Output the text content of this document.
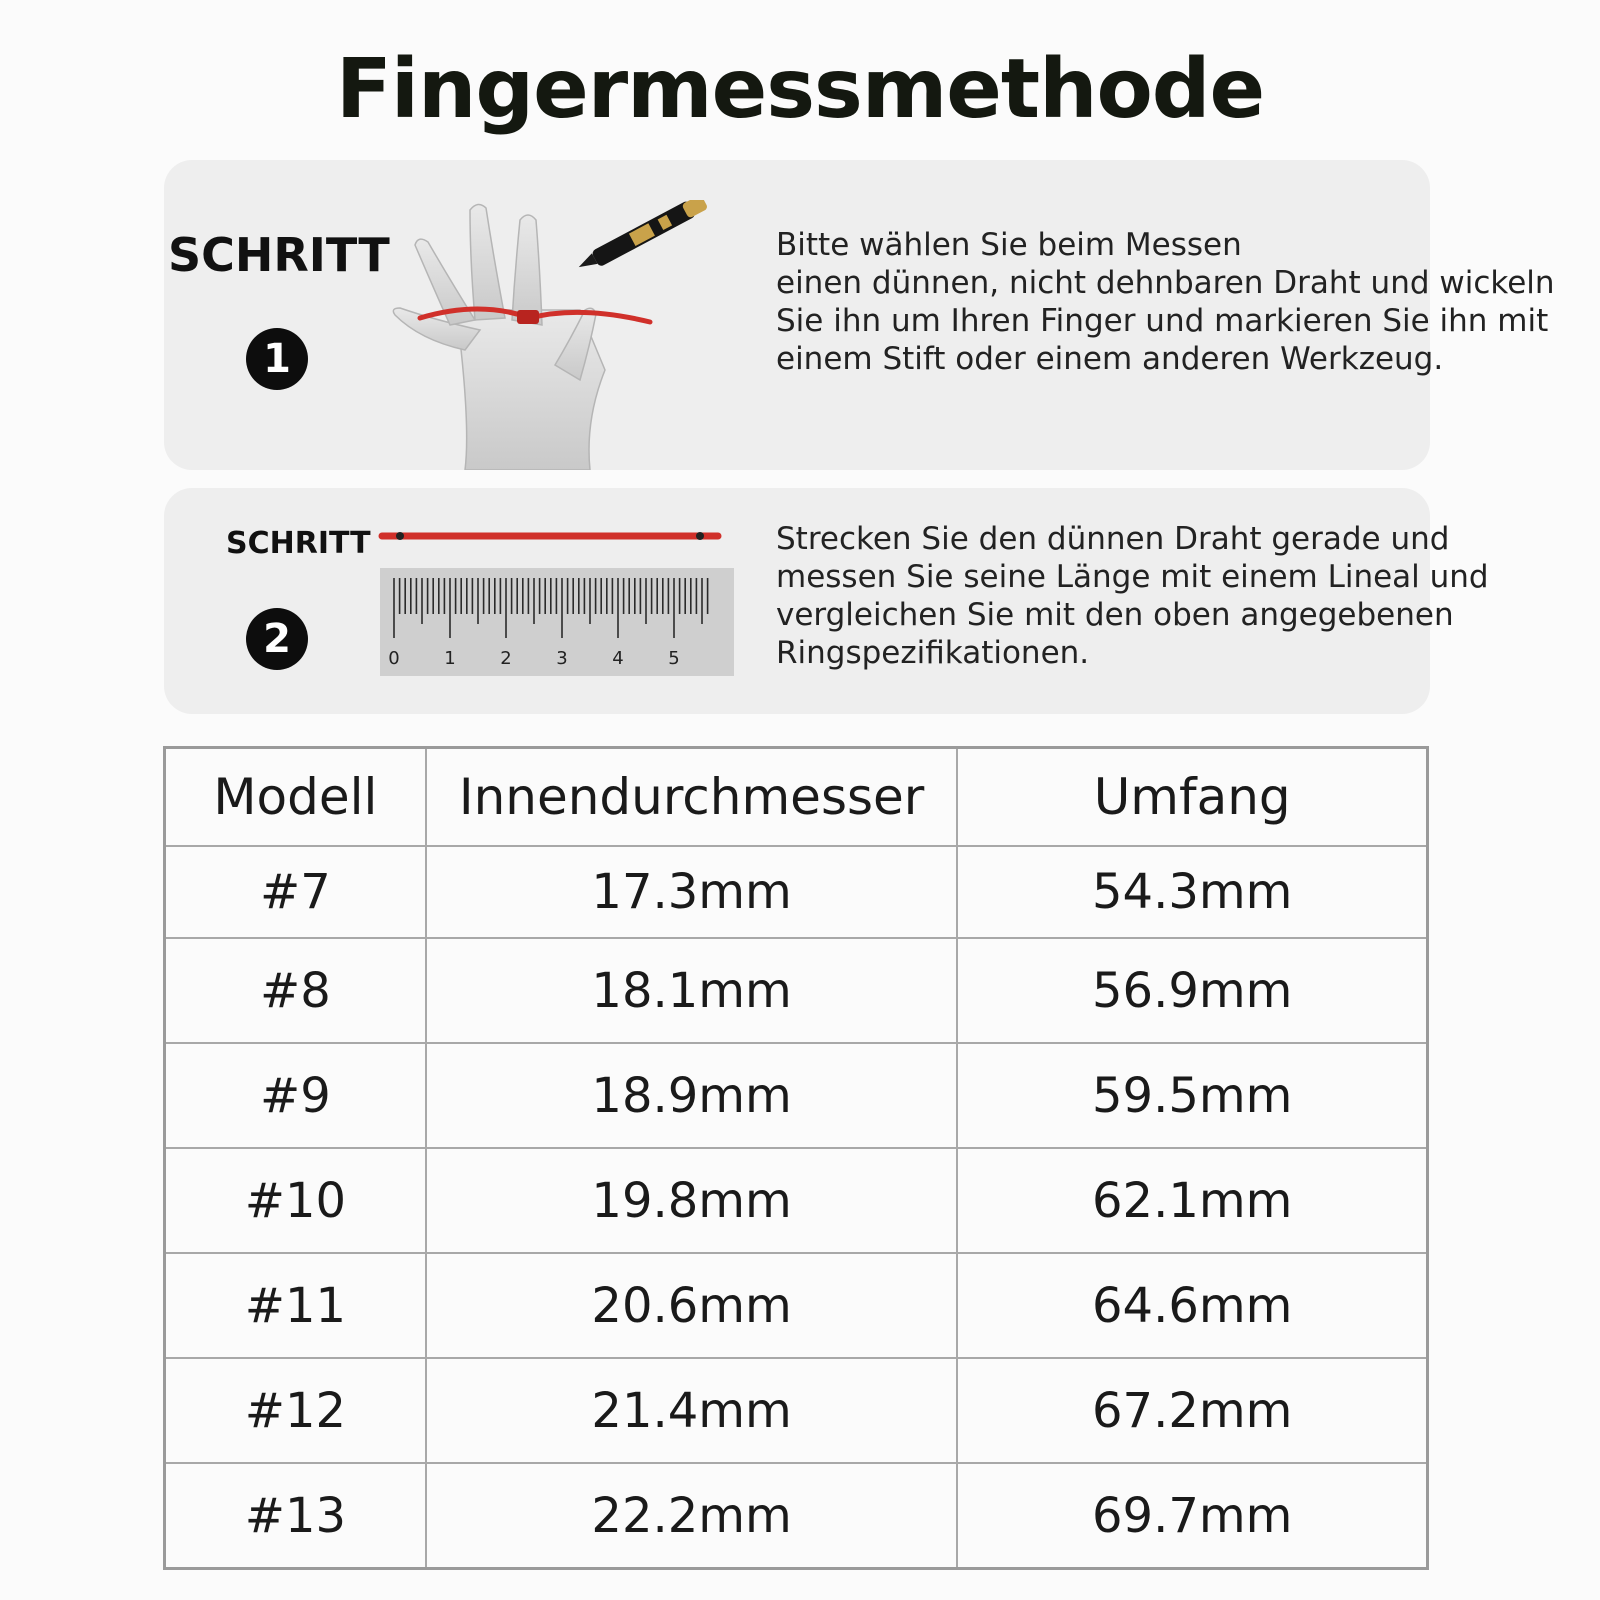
Fingermessmethode
SCHRITT
1

Bitte wählen Sie beim Messen
einen dünnen, nicht dehnbaren Draht und wickeln
Sie ihn um Ihren Finger und markieren Sie ihn mit
einem Stift oder einem anderen Werkzeug.

SCHRITT
2	0 1 2 3 4 5

Strecken Sie den dünnen Draht gerade und
messen Sie seine Länge mit einem Lineal und
vergleichen Sie mit den oben angegebenen
Ringspezifikationen.

Modell	Innendurchmesser	Umfang
#7	17.3mm	54.3mm
#8	18.1mm	56.9mm
#9	18.9mm	59.5mm
#10	19.8mm	62.1mm
#11	20.6mm	64.6mm
#12	21.4mm	67.2mm
#13	22.2mm	69.7mm
